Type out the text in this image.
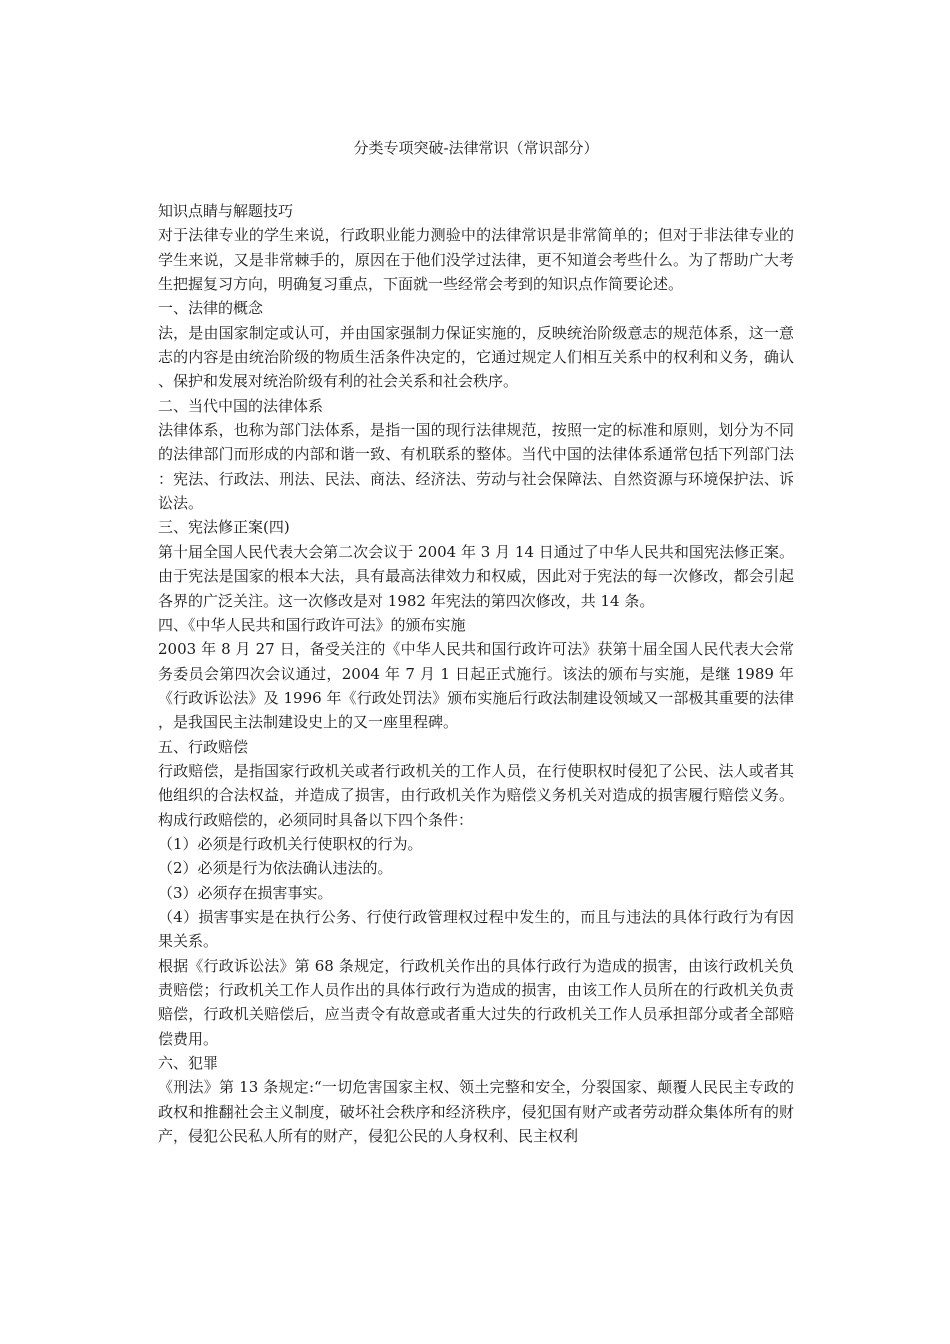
分类专项突破-法律常识（常识部分）

知识点睛与解题技巧

对于法律专业的学生来说，行政职业能力测验中的法律常识是非常简单的；但对于非法律专业的学生来说，又是非常棘手的，原因在于他们没学过法律，更不知道会考些什么。为了帮助广大考生把握复习方向，明确复习重点，下面就一些经常会考到的知识点作简要论述。

一、法律的概念

法，是由国家制定或认可，并由国家强制力保证实施的，反映统治阶级意志的规范体系，这一意志的内容是由统治阶级的物质生活条件决定的，它通过规定人们相互关系中的权利和义务，确认、保护和发展对统治阶级有利的社会关系和社会秩序。

二、当代中国的法律体系

法律体系，也称为部门法体系，是指一国的现行法律规范，按照一定的标准和原则，划分为不同的法律部门而形成的内部和谐一致、有机联系的整体。当代中国的法律体系通常包括下列部门法：宪法、行政法、刑法、民法、商法、经济法、劳动与社会保障法、自然资源与环境保护法、诉讼法。

三、宪法修正案(四)

第十届全国人民代表大会第二次会议于 2004 年 3 月 14 日通过了中华人民共和国宪法修正案。由于宪法是国家的根本大法，具有最高法律效力和权威，因此对于宪法的每一次修改，都会引起各界的广泛关注。这一次修改是对 1982 年宪法的第四次修改，共 14 条。

四、《中华人民共和国行政许可法》的颁布实施

2003 年 8 月 27 日，备受关注的《中华人民共和国行政许可法》获第十届全国人民代表大会常务委员会第四次会议通过，2004 年 7 月 1 日起正式施行。该法的颁布与实施，是继 1989 年《行政诉讼法》及 1996 年《行政处罚法》颁布实施后行政法制建设领域又一部极其重要的法律，是我国民主法制建设史上的又一座里程碑。

五、行政赔偿

行政赔偿，是指国家行政机关或者行政机关的工作人员，在行使职权时侵犯了公民、法人或者其他组织的合法权益，并造成了损害，由行政机关作为赔偿义务机关对造成的损害履行赔偿义务。构成行政赔偿的，必须同时具备以下四个条件：

（1）必须是行政机关行使职权的行为。

（2）必须是行为依法确认违法的。

（3）必须存在损害事实。

（4）损害事实是在执行公务、行使行政管理权过程中发生的，而且与违法的具体行政行为有因果关系。

根据《行政诉讼法》第 68 条规定，行政机关作出的具体行政行为造成的损害，由该行政机关负责赔偿；行政机关工作人员作出的具体行政行为造成的损害，由该工作人员所在的行政机关负责赔偿，行政机关赔偿后，应当责令有故意或者重大过失的行政机关工作人员承担部分或者全部赔偿费用。

六、犯罪

《刑法》第 13 条规定:“一切危害国家主权、领土完整和安全，分裂国家、颠覆人民民主专政的政权和推翻社会主义制度，破坏社会秩序和经济秩序，侵犯国有财产或者劳动群众集体所有的财产，侵犯公民私人所有的财产，侵犯公民的人身权利、民主权利
